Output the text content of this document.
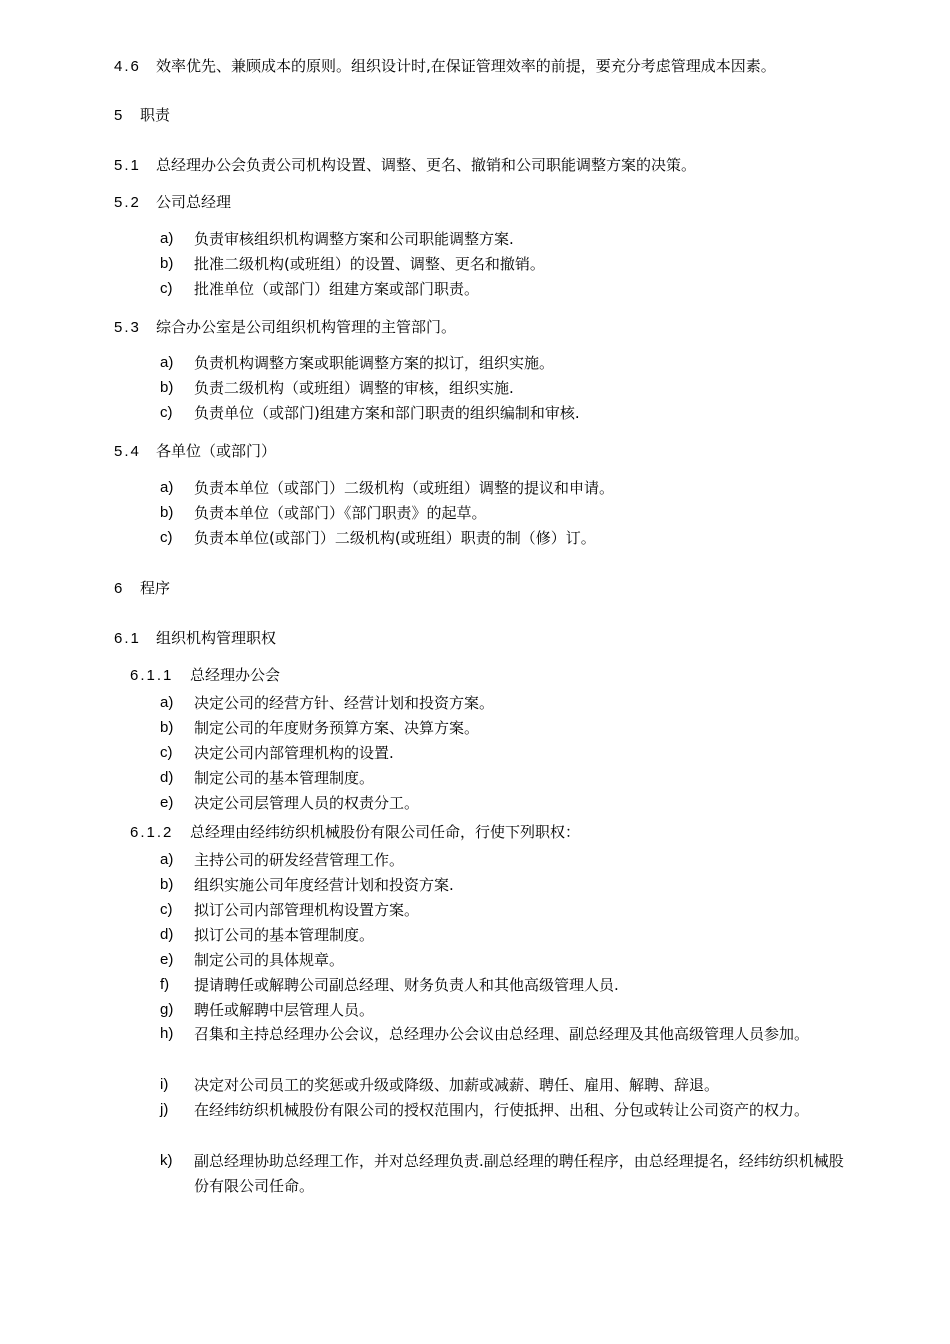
4.6 效率优先、兼顾成本的原则。组织设计时,在保证管理效率的前提，要充分考虑管理成本因素。
5 职责
5.1 总经理办公会负责公司机构设置、调整、更名、撤销和公司职能调整方案的决策。
5.2 公司总经理
a)	负责审核组织机构调整方案和公司职能调整方案.
b)	批准二级机构(或班组）的设置、调整、更名和撤销。
c)	批准单位（或部门）组建方案或部门职责。
5.3 综合办公室是公司组织机构管理的主管部门。
a)	负责机构调整方案或职能调整方案的拟订，组织实施。
b)	负责二级机构（或班组）调整的审核，组织实施.
c)	负责单位（或部门)组建方案和部门职责的组织编制和审核.
5.4 各单位（或部门）
a)	负责本单位（或部门）二级机构（或班组）调整的提议和申请。
b)	负责本单位（或部门）《部门职责》的起草。
c)	负责本单位(或部门）二级机构(或班组）职责的制（修）订。
6 程序
6.1 组织机构管理职权
6.1.1 总经理办公会
a)	决定公司的经营方针、经营计划和投资方案。
b)	制定公司的年度财务预算方案、决算方案。
c)	决定公司内部管理机构的设置.
d)	制定公司的基本管理制度。
e)	决定公司层管理人员的权责分工。
6.1.2 总经理由经纬纺织机械股份有限公司任命，行使下列职权：
a)	主持公司的研发经营管理工作。
b)	组织实施公司年度经营计划和投资方案.
c)	拟订公司内部管理机构设置方案。
d)	拟订公司的基本管理制度。
e)	制定公司的具体规章。
f)	提请聘任或解聘公司副总经理、财务负责人和其他高级管理人员.
g)	聘任或解聘中层管理人员。
h)	召集和主持总经理办公会议，总经理办公会议由总经理、副总经理及其他高级管理人员参加。
i)	决定对公司员工的奖惩或升级或降级、加薪或减薪、聘任、雇用、解聘、辞退。
j)	在经纬纺织机械股份有限公司的授权范围内，行使抵押、出租、分包或转让公司资产的权力。
k)	副总经理协助总经理工作，并对总经理负责.副总经理的聘任程序，由总经理提名，经纬纺织机械股份有限公司任命。
